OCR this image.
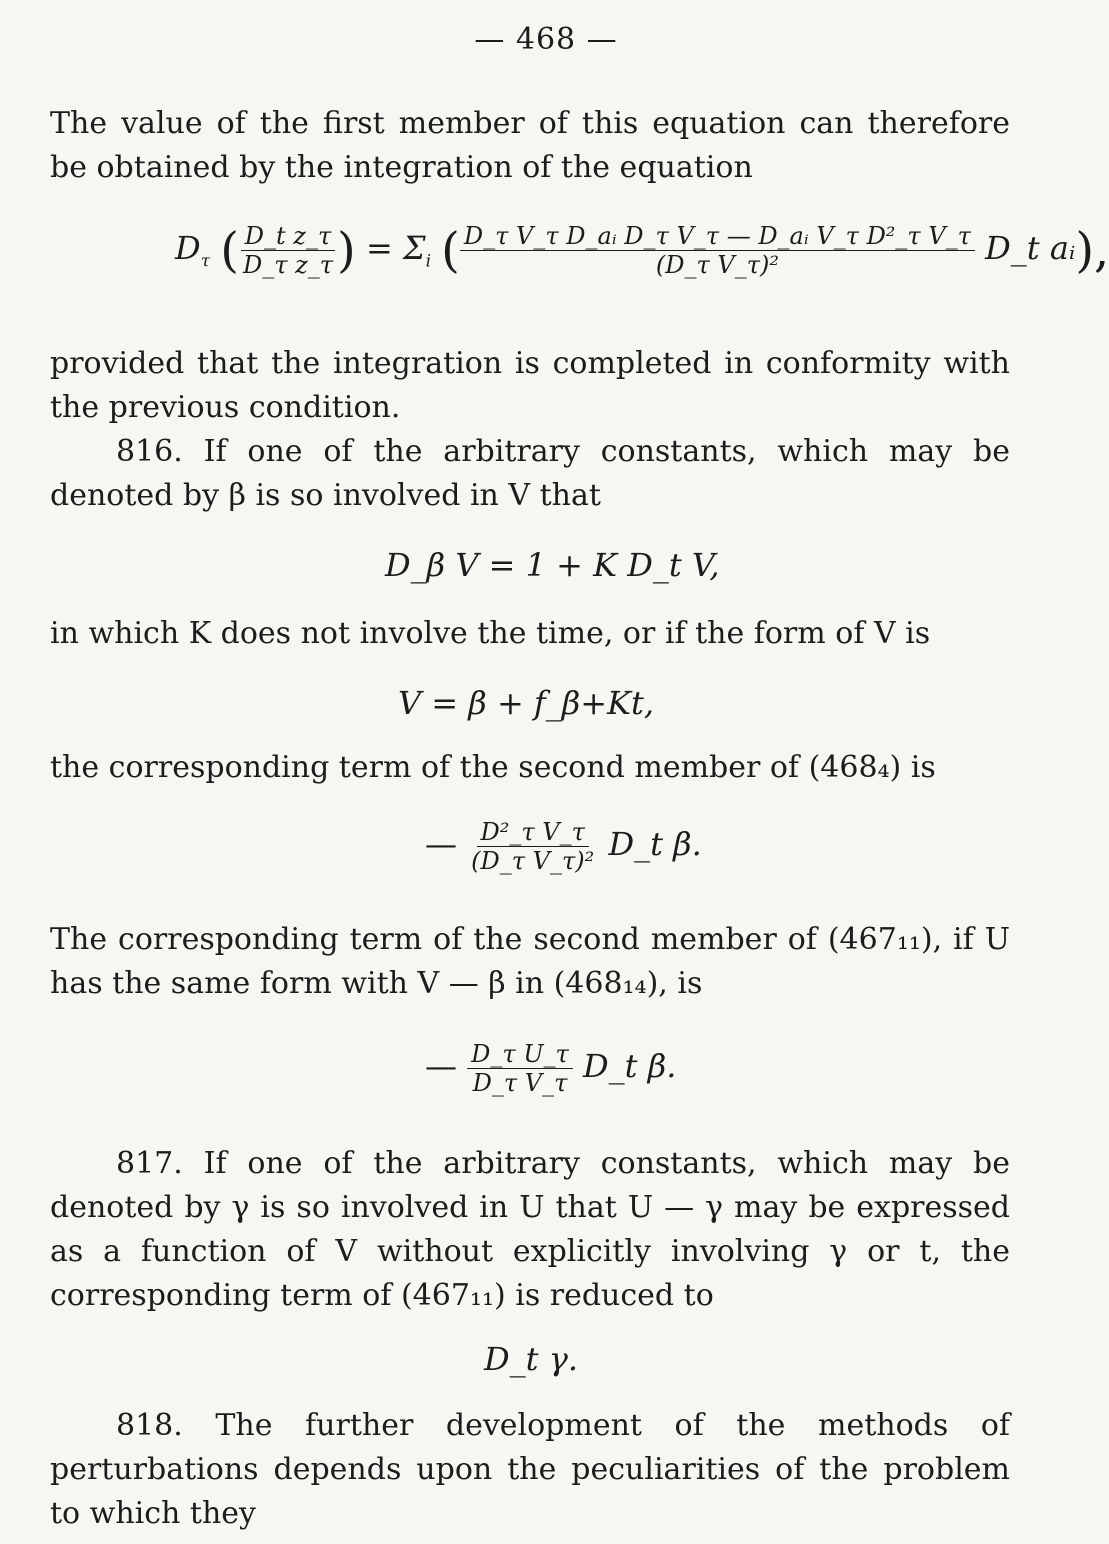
— 468 —
The value of the first member of this equation can therefore be obtained by the integration of the equation
$D_\tau$ ( $\frac{\text{D\_t z\_τ}}{\text{D\_τ z\_τ}}$ ) = $\Sigma_i$ ( $\frac{\text{D\_τ V\_τ D\_aᵢ D\_τ V\_τ — D\_aᵢ V\_τ D²\_τ V\_τ}}{\text{(D\_τ V\_τ)²}}$ D_t aᵢ),
provided that the integration is completed in conformity with the previous condition.
816. If one of the arbitrary constants, which may be denoted by β is so involved in V that
D_β V = 1 + K D_t V,
in which K does not involve the time, or if the form of V is
V = β + f_β+Kt,
the corresponding term of the second member of (468₄) is
— $\frac{\text{D²\_τ V\_τ}}{\text{(D\_τ V\_τ)²}}$ D_t β.
The corresponding term of the second member of (467₁₁), if U has the same form with V — β in (468₁₄), is
— $\frac{\text{D\_τ U\_τ}}{\text{D\_τ V\_τ}}$ D_t β.
817. If one of the arbitrary constants, which may be denoted by γ is so involved in U that U — γ may be expressed as a function of V without explicitly involving γ or t, the corresponding term of (467₁₁) is reduced to
D_t γ.
818. The further development of the methods of perturbations depends upon the peculiarities of the problem to which they
